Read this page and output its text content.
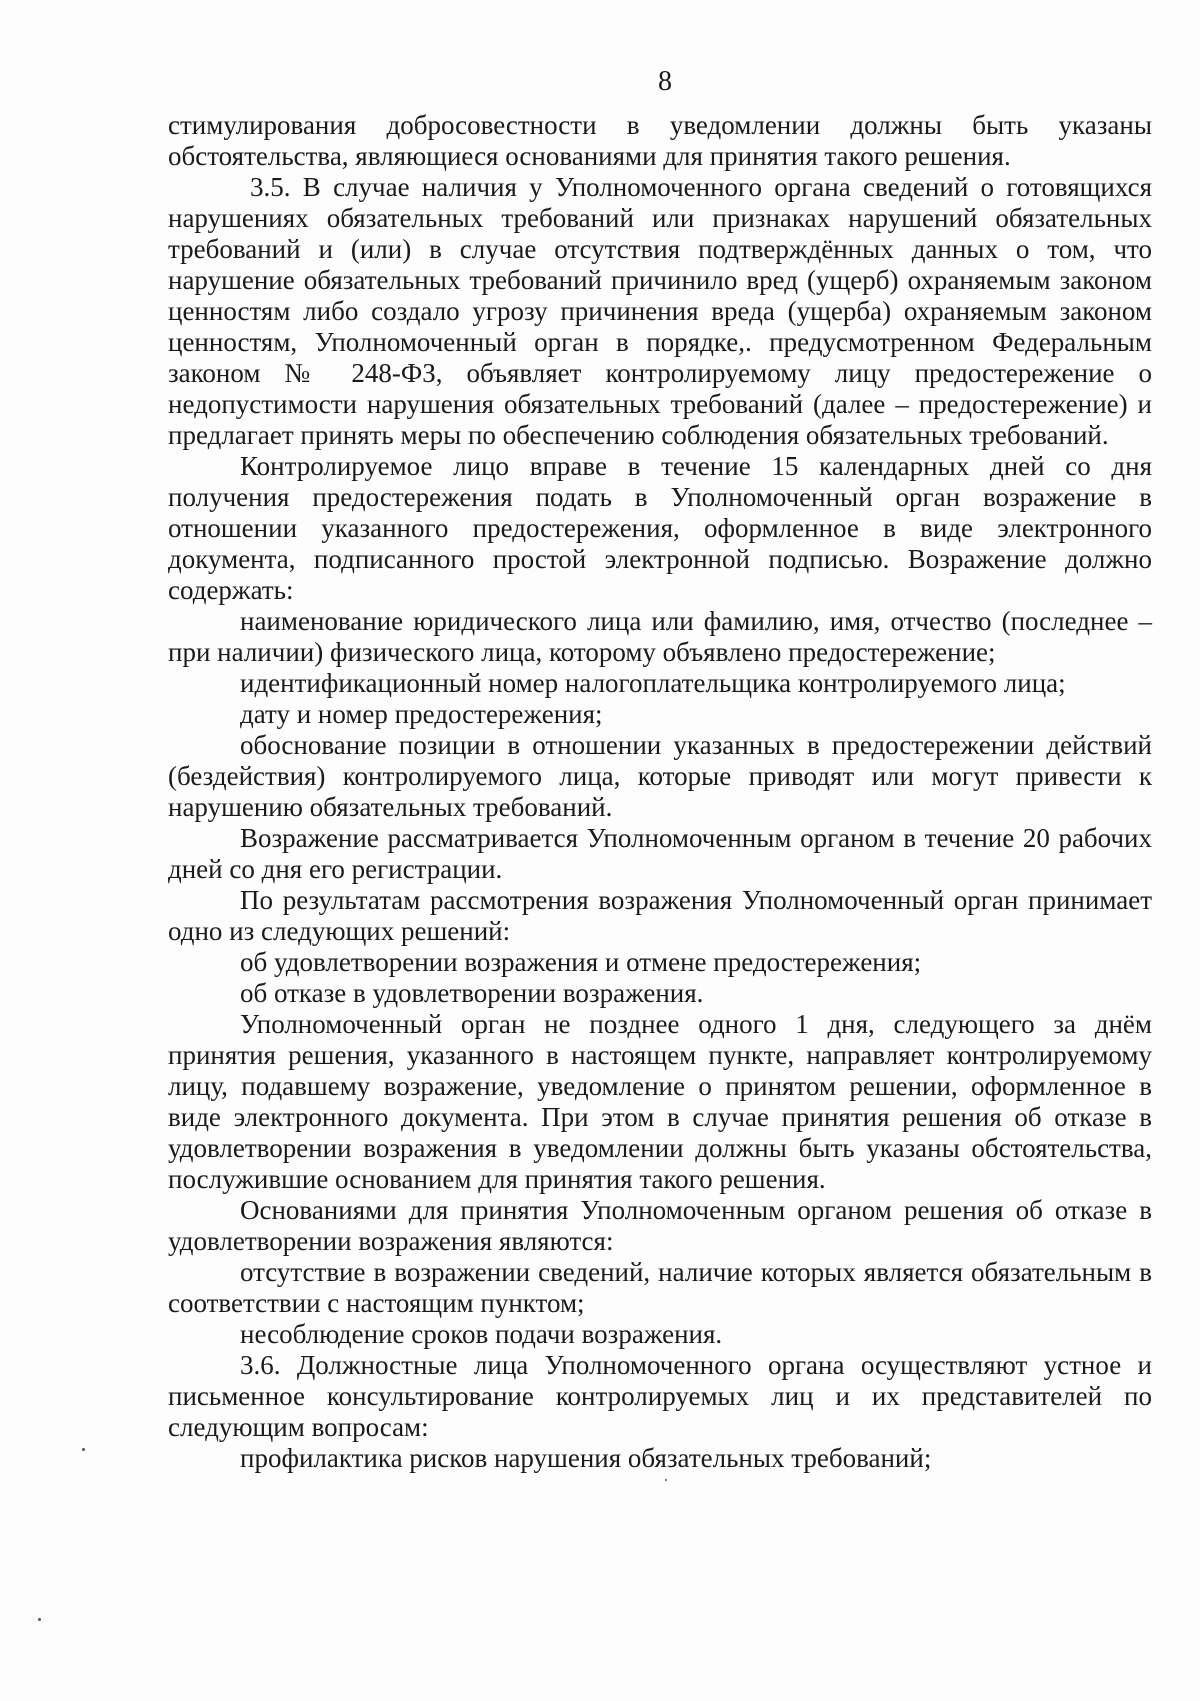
8

стимулирования добросовестности в уведомлении должны быть указаны обстоятельства, являющиеся основаниями для принятия такого решения.

3.5. В случае наличия у Уполномоченного органа сведений о готовящихся нарушениях обязательных требований или признаках нарушений обязательных требований и (или) в случае отсутствия подтверждённых данных о том, что нарушение обязательных требований причинило вред (ущерб) охраняемым законом ценностям либо создало угрозу причинения вреда (ущерба) охраняемым законом ценностям, Уполномоченный орган в порядке,. предусмотренном Федеральным законом № 248-ФЗ, объявляет контролируемому лицу предостережение о недопустимости нарушения обязательных требований (далее – предостережение) и предлагает принять меры по обеспечению соблюдения обязательных требований.

Контролируемое лицо вправе в течение 15 календарных дней со дня получения предостережения подать в Уполномоченный орган возражение в отношении указанного предостережения, оформленное в виде электронного документа, подписанного простой электронной подписью. Возражение должно содержать:

наименование юридического лица или фамилию, имя, отчество (последнее – при наличии) физического лица, которому объявлено предостережение;

идентификационный номер налогоплательщика контролируемого лица;

дату и номер предостережения;

обоснование позиции в отношении указанных в предостережении действий (бездействия) контролируемого лица, которые приводят или могут привести к нарушению обязательных требований.

Возражение рассматривается Уполномоченным органом в течение 20 рабочих дней со дня его регистрации.

По результатам рассмотрения возражения Уполномоченный орган принимает одно из следующих решений:

об удовлетворении возражения и отмене предостережения;

об отказе в удовлетворении возражения.

Уполномоченный орган не позднее одного 1 дня, следующего за днём принятия решения, указанного в настоящем пункте, направляет контролируемому лицу, подавшему возражение, уведомление о принятом решении, оформленное в виде электронного документа. При этом в случае принятия решения об отказе в удовлетворении возражения в уведомлении должны быть указаны обстоятельства, послужившие основанием для принятия такого решения.

Основаниями для принятия Уполномоченным органом решения об отказе в удовлетворении возражения являются:

отсутствие в возражении сведений, наличие которых является обязательным в соответствии с настоящим пунктом;

несоблюдение сроков подачи возражения.

3.6. Должностные лица Уполномоченного органа осуществляют устное и письменное консультирование контролируемых лиц и их представителей по следующим вопросам:

профилактика рисков нарушения обязательных требований;
